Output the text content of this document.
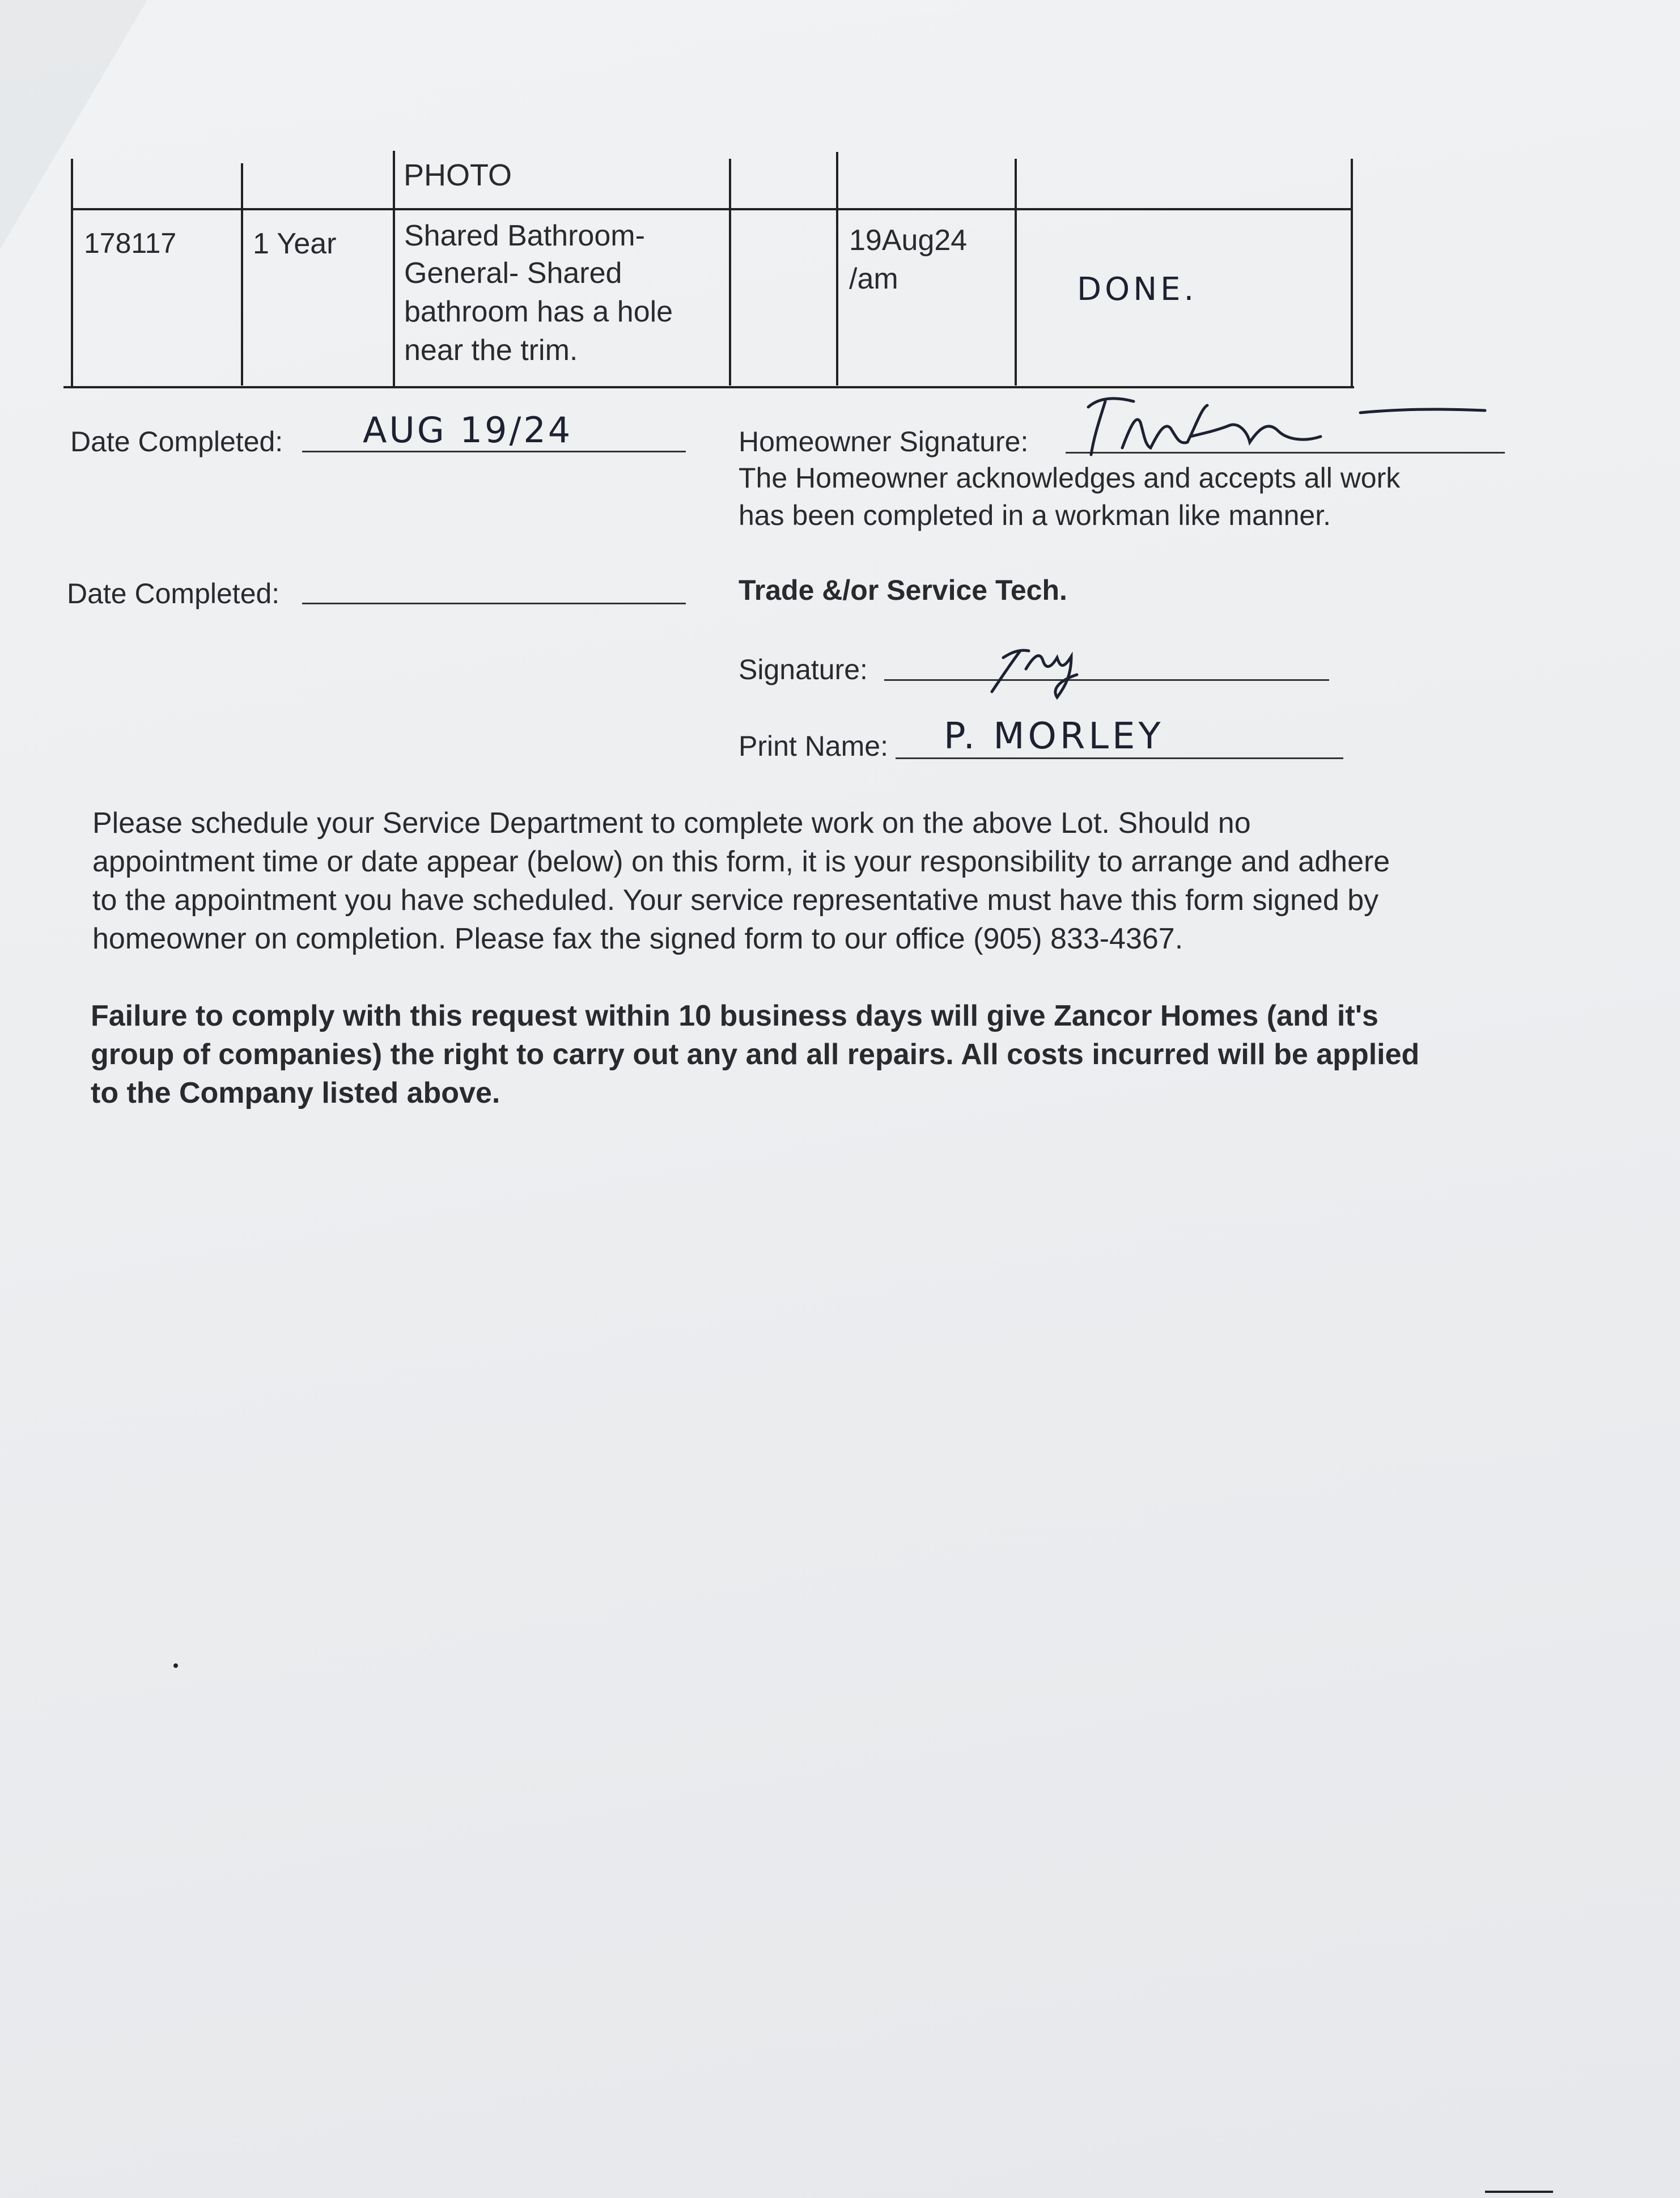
PHOTO
178117	1 Year Shared Bathroom-
General- Shared
bathroom has a hole
near the trim.
19Aug24
/am	DONE.
Date Completed: AUG 19/24
Date Completed:
Homeowner Signature:
The Homeowner acknowledges and accepts all work
has been completed in a workman like manner.
Trade &/or Service Tech.
Signature:
Print Name: P. MORLEY
Please schedule your Service Department to complete work on the above Lot. Should no appointment time or date appear (below) on this form, it is your responsibility to arrange and adhere to the appointment you have scheduled. Your service representative must have this form signed by homeowner on completion. Please fax the signed form to our office (905) 833-4367.
Failure to comply with this request within 10 business days will give Zancor Homes (and it's group of companies) the right to carry out any and all repairs. All costs incurred will be applied to the Company listed above.
